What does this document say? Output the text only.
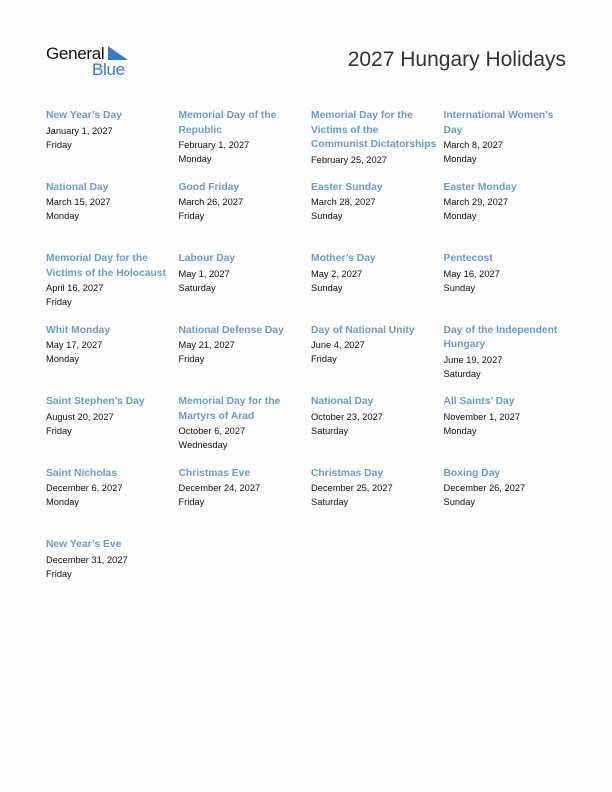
General
Blue	2027 Hungary Holidays
New Year’s Day
January 1, 2027
Friday
Memorial Day of the Republic
February 1, 2027
Monday
Memorial Day for the Victims of the Communist Dictatorships
February 25, 2027
International Women’s Day
March 8, 2027
Monday
National Day
March 15, 2027
Monday
Good Friday
March 26, 2027
Friday
Easter Sunday
March 28, 2027
Sunday
Easter Monday
March 29, 2027
Monday
Memorial Day for the Victims of the Holocaust
April 16, 2027
Friday
Labour Day
May 1, 2027
Saturday
Mother’s Day
May 2, 2027
Sunday
Pentecost
May 16, 2027
Sunday
Whit Monday
May 17, 2027
Monday
National Defense Day
May 21, 2027
Friday
Day of National Unity
June 4, 2027
Friday
Day of the Independent Hungary
June 19, 2027
Saturday
Saint Stephen’s Day
August 20, 2027
Friday
Memorial Day for the Martyrs of Arad
October 6, 2027
Wednesday
National Day
October 23, 2027
Saturday
All Saints’ Day
November 1, 2027
Monday
Saint Nicholas
December 6, 2027
Monday
Christmas Eve
December 24, 2027
Friday
Christmas Day
December 25, 2027
Saturday
Boxing Day
December 26, 2027
Sunday
New Year’s Eve
December 31, 2027
Friday
